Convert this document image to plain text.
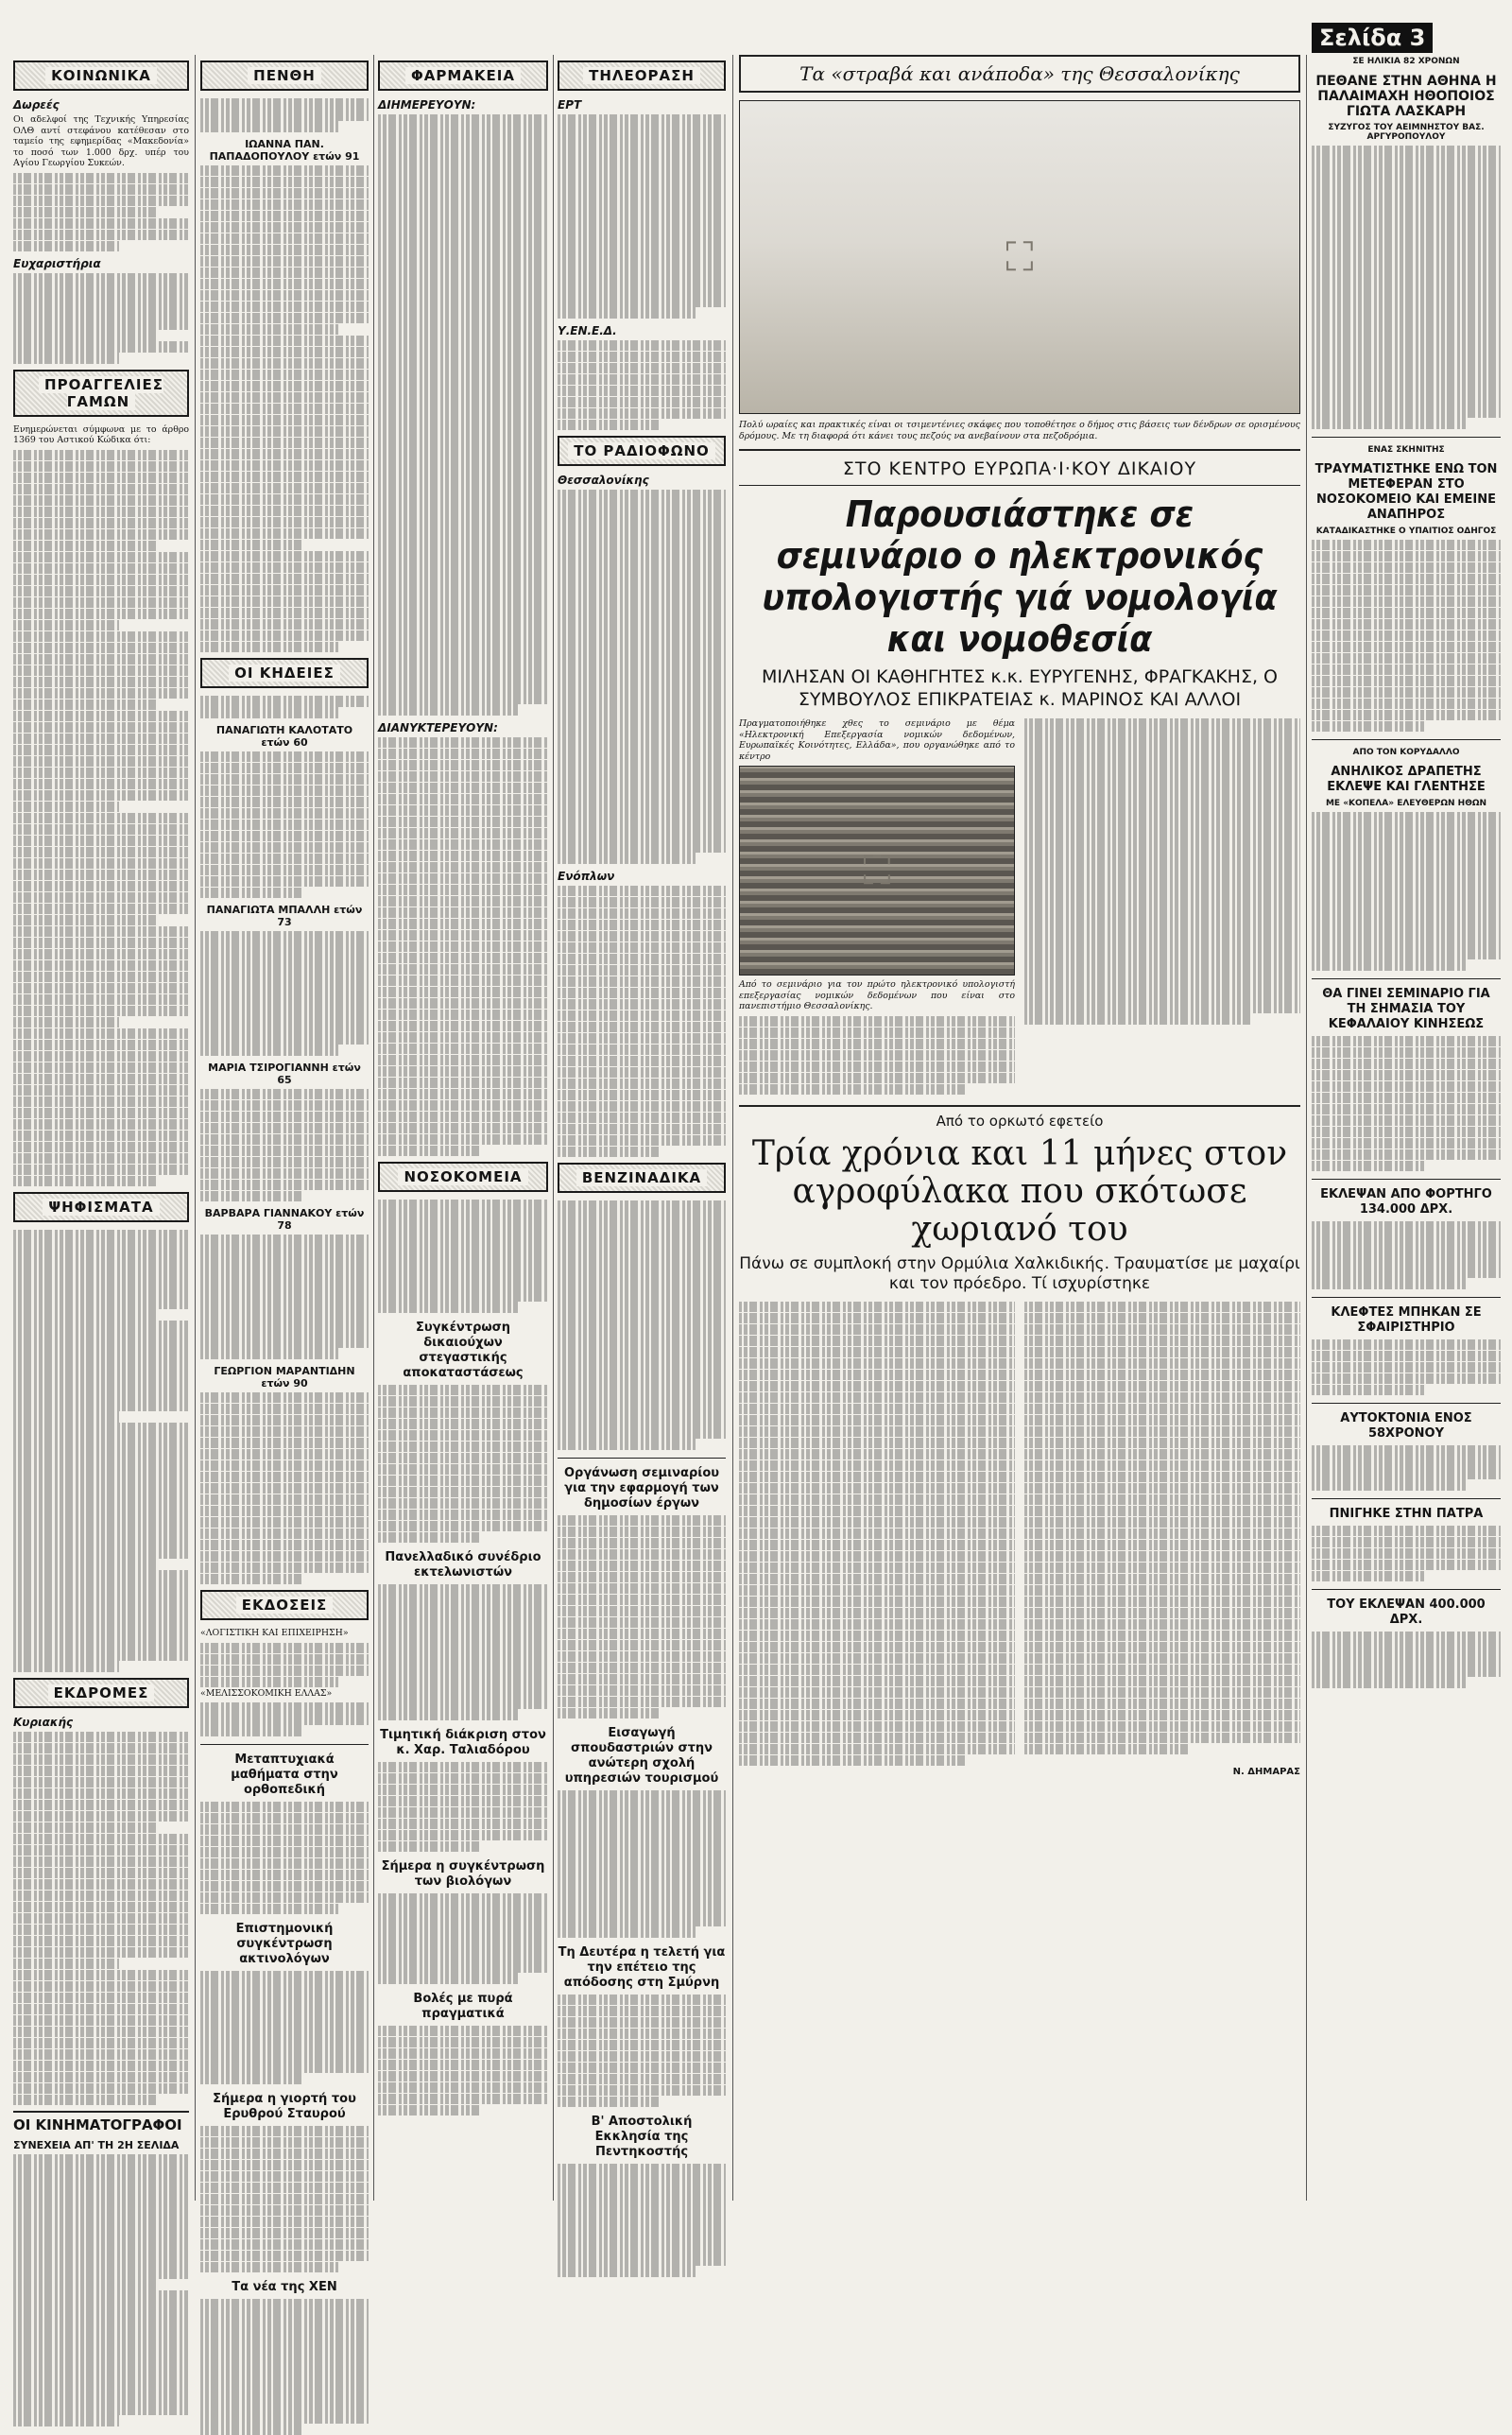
ΚΟΙΝΩΝΙΚΑ
Δωρεές

Οι αδελφοί της Τεχνικής Υπηρεσίας ΟΛΘ αντί στεφάνου κατέθεσαν στο ταμείο της εφημερίδας «Μακεδονία» το ποσό των 1.000 δρχ. υπέρ του Αγίου Γεωργίου Συκεών.

Ευχαριστήρια
ΠΡΟΑΓΓΕΛΙΕΣ ΓΑΜΩΝ

Ενημερώνεται σύμφωνα με το άρθρο 1369 του Αστικού Κώδικα ότι:

ΨΗΦΙΣΜΑΤΑ
ΕΚΔΡΟΜΕΣ
Κυριακής
ΟΙ ΚΙΝΗΜΑΤΟΓΡΑΦΟΙ
ΣΥΝΕΧΕΙΑ ΑΠ' ΤΗ 2Η ΣΕΛΙΔΑ
ΠΕΝΘΗ
ΙΩΑΝΝΑ ΠΑΝ. ΠΑΠΑΔΟΠΟΥΛΟΥ ετών 91
ΟΙ ΚΗΔΕΙΕΣ
ΠΑΝΑΓΙΩΤΗ ΚΑΛΟΤΑΤΟ ετών 60
ΠΑΝΑΓΙΩΤΑ ΜΠΑΛΛΗ ετών 73
ΜΑΡΙΑ ΤΣΙΡΟΓΙΑΝΝΗ ετών 65
ΒΑΡΒΑΡΑ ΓΙΑΝΝΑΚΟΥ ετών 78
ΓΕΩΡΓΙΟΝ ΜΑΡΑΝΤΙΔΗΝ ετών 90
ΕΚΔΟΣΕΙΣ

«ΛΟΓΙΣΤΙΚΗ ΚΑΙ ΕΠΙΧΕΙΡΗΣΗ»

«ΜΕΛΙΣΣΟΚΟΜΙΚΗ ΕΛΛΑΣ»

Μεταπτυχιακά μαθήματα στην ορθοπεδική
Επιστημονική συγκέντρωση ακτινολόγων
Σήμερα η γιορτή του Ερυθρού Σταυρού
Τα νέα της ΧΕΝ
ΦΑΡΜΑΚΕΙΑ
ΔΙΗΜΕΡΕΥΟΥΝ:
ΔΙΑΝΥΚΤΕΡΕΥΟΥΝ:
ΝΟΣΟΚΟΜΕΙΑ
Συγκέντρωση δικαιούχων στεγαστικής αποκαταστάσεως
Πανελλαδικό συνέδριο εκτελωνιστών
Τιμητική διάκριση στον κ. Χαρ. Ταλιαδόρου
Σήμερα η συγκέντρωση των βιολόγων
Βολές με πυρά πραγματικά
ΤΗΛΕΟΡΑΣΗ
ΕΡΤ
Υ.ΕΝ.Ε.Δ.
ΤΟ ΡΑΔΙΟΦΩΝΟ
Θεσσαλονίκης
Ενόπλων
ΒΕΝΖΙΝΑΔΙΚΑ
Οργάνωση σεμιναρίου για την εφαρμογή των δημοσίων έργων
Εισαγωγή σπουδαστριών στην ανώτερη σχολή υπηρεσιών τουρισμού
Τη Δευτέρα η τελετή για την επέτειο της απόδοσης στη Σμύρνη
Β' Αποστολική Εκκλησία της Πεντηκοστής
Τα «στραβά και ανάποδα» της Θεσσαλονίκης
⛶

Πολύ ωραίες και πρακτικές είναι οι τσιμεντένιες σκάφες που τοποθέτησε ο δήμος στις βάσεις των δένδρων σε ορισμένους δρόμους. Με τη διαφορά ότι κάνει τους πεζούς να ανεβαίνουν στα πεζοδρόμια.

ΣΤΟ ΚΕΝΤΡΟ ΕΥΡΩΠΑ·Ι·ΚΟΥ ΔΙΚΑΙΟΥ
Παρουσιάστηκε σε σεμινάριο ο ηλεκτρονικός υπολογιστής γιά νομολογία και νομοθεσία
ΜΙΛΗΣΑΝ ΟΙ ΚΑΘΗΓΗΤΕΣ κ.κ. ΕΥΡΥΓΕΝΗΣ, ΦΡΑΓΚΑΚΗΣ, Ο ΣΥΜΒΟΥΛΟΣ ΕΠΙΚΡΑΤΕΙΑΣ κ. ΜΑΡΙΝΟΣ ΚΑΙ ΑΛΛΟΙ

Πραγματοποιήθηκε χθες το σεμινάριο με θέμα «Ηλεκτρονική Επεξεργασία νομικών δεδομένων, Ευρωπαϊκές Κοινότητες, Ελλάδα», που οργανώθηκε από το κέντρο

⛶

Από το σεμινάριο για τον πρώτο ηλεκτρονικό υπολογιστή επεξεργασίας νομικών δεδομένων που είναι στο πανεπιστήμιο Θεσσαλονίκης.

Από το ορκωτό εφετείο
Τρία χρόνια και 11 μήνες στον αγροφύλακα που σκότωσε χωριανό του
Πάνω σε συμπλοκή στην Ορμύλια Χαλκιδικής. Τραυματίσε με μαχαίρι και τον πρόεδρο. Τί ισχυρίστηκε
Ν. ΔΗΜΑΡΑΣ
Σελίδα 3
ΣΕ ΗΛΙΚΙΑ 82 ΧΡΟΝΩΝ
ΠΕΘΑΝΕ ΣΤΗΝ ΑΘΗΝΑ Η ΠΑΛΑΙΜΑΧΗ ΗΘΟΠΟΙΟΣ ΓΙΩΤΑ ΛΑΣΚΑΡΗ
ΣΥΖΥΓΟΣ ΤΟΥ ΑΕΙΜΝΗΣΤΟΥ ΒΑΣ. ΑΡΓΥΡΟΠΟΥΛΟΥ
ΕΝΑΣ ΣΚΗΝΙΤΗΣ
ΤΡΑΥΜΑΤΙΣΤΗΚΕ ΕΝΩ ΤΟΝ ΜΕΤΕΦΕΡΑΝ ΣΤΟ ΝΟΣΟΚΟΜΕΙΟ ΚΑΙ ΕΜΕΙΝΕ ΑΝΑΠΗΡΟΣ
ΚΑΤΑΔΙΚΑΣΤΗΚΕ Ο ΥΠΑΙΤΙΟΣ ΟΔΗΓΟΣ
ΑΠΟ ΤΟΝ ΚΟΡΥΔΑΛΛΟ
ΑΝΗΛΙΚΟΣ ΔΡΑΠΕΤΗΣ ΕΚΛΕΨΕ ΚΑΙ ΓΛΕΝΤΗΣΕ
ΜΕ «ΚΟΠΕΛΑ» ΕΛΕΥΘΕΡΩΝ ΗΘΩΝ
ΘΑ ΓΙΝΕΙ ΣΕΜΙΝΑΡΙΟ ΓΙΑ ΤΗ ΣΗΜΑΣΙΑ ΤΟΥ ΚΕΦΑΛΑΙΟΥ ΚΙΝΗΣΕΩΣ
ΕΚΛΕΨΑΝ ΑΠΟ ΦΟΡΤΗΓΟ 134.000 ΔΡΧ.
ΚΛΕΦΤΕΣ ΜΠΗΚΑΝ ΣΕ ΣΦΑΙΡΙΣΤΗΡΙΟ
ΑΥΤΟΚΤΟΝΙΑ ΕΝΟΣ 58ΧΡΟΝΟΥ
ΠΝΙΓΗΚΕ ΣΤΗΝ ΠΑΤΡΑ
ΤΟΥ ΕΚΛΕΨΑΝ 400.000 ΔΡΧ.
